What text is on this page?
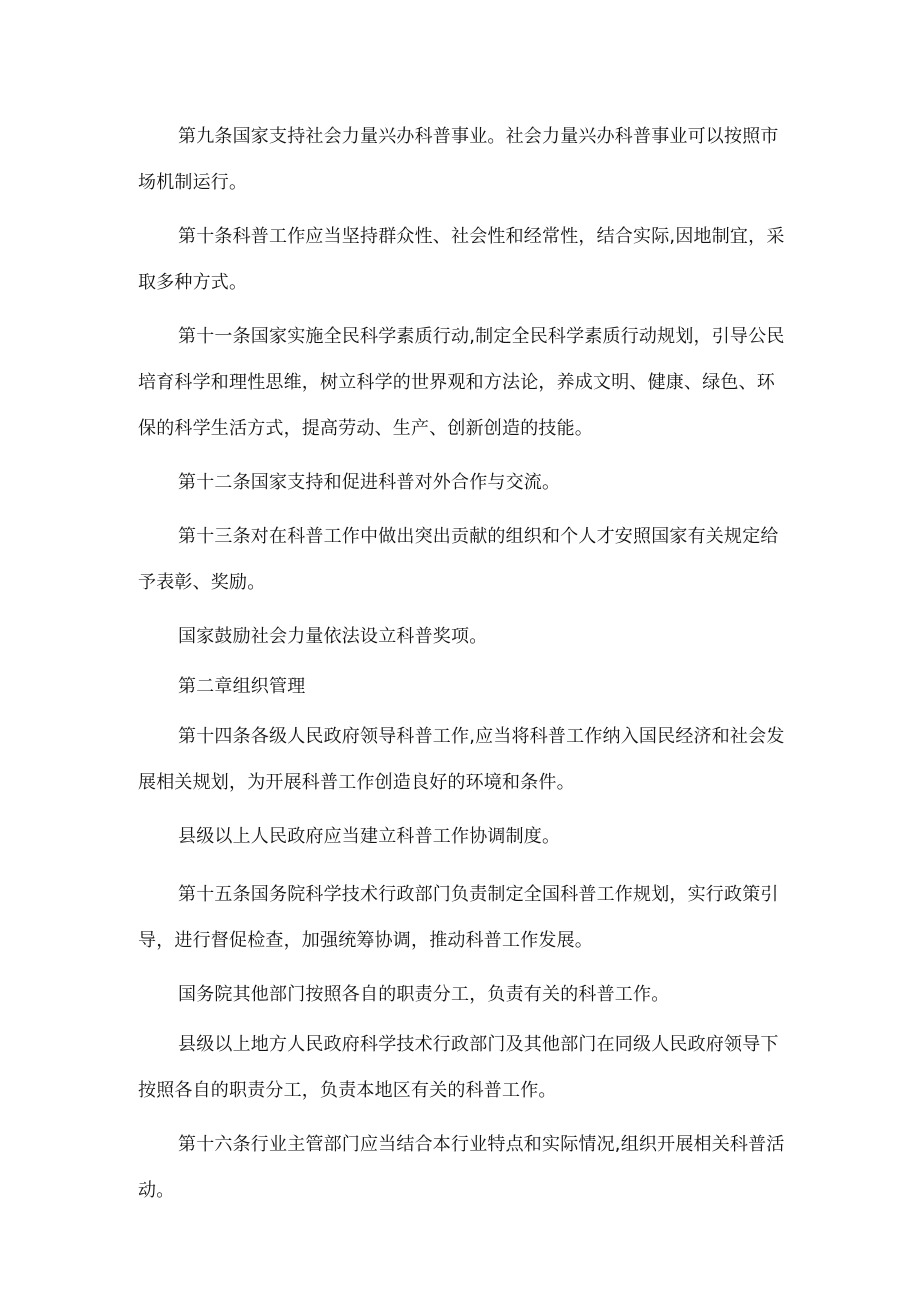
第九条国家支持社会力量兴办科普事业。社会力量兴办科普事业可以按照市场机制运行。

第十条科普工作应当坚持群众性、社会性和经常性，结合实际,因地制宜，采取多种方式。

第十一条国家实施全民科学素质行动,制定全民科学素质行动规划，引导公民培育科学和理性思维，树立科学的世界观和方法论，养成文明、健康、绿色、环保的科学生活方式，提高劳动、生产、创新创造的技能。

第十二条国家支持和促进科普对外合作与交流。

第十三条对在科普工作中做出突出贡献的组织和个人才安照国家有关规定给予表彰、奖励。

国家鼓励社会力量依法设立科普奖项。

第二章组织管理

第十四条各级人民政府领导科普工作,应当将科普工作纳入国民经济和社会发展相关规划，为开展科普工作创造良好的环境和条件。

县级以上人民政府应当建立科普工作协调制度。

第十五条国务院科学技术行政部门负责制定全国科普工作规划，实行政策引导，进行督促检查，加强统筹协调，推动科普工作发展。

国务院其他部门按照各自的职责分工，负责有关的科普工作。

县级以上地方人民政府科学技术行政部门及其他部门在同级人民政府领导下按照各自的职责分工，负责本地区有关的科普工作。

第十六条行业主管部门应当结合本行业特点和实际情况,组织开展相关科普活动。
